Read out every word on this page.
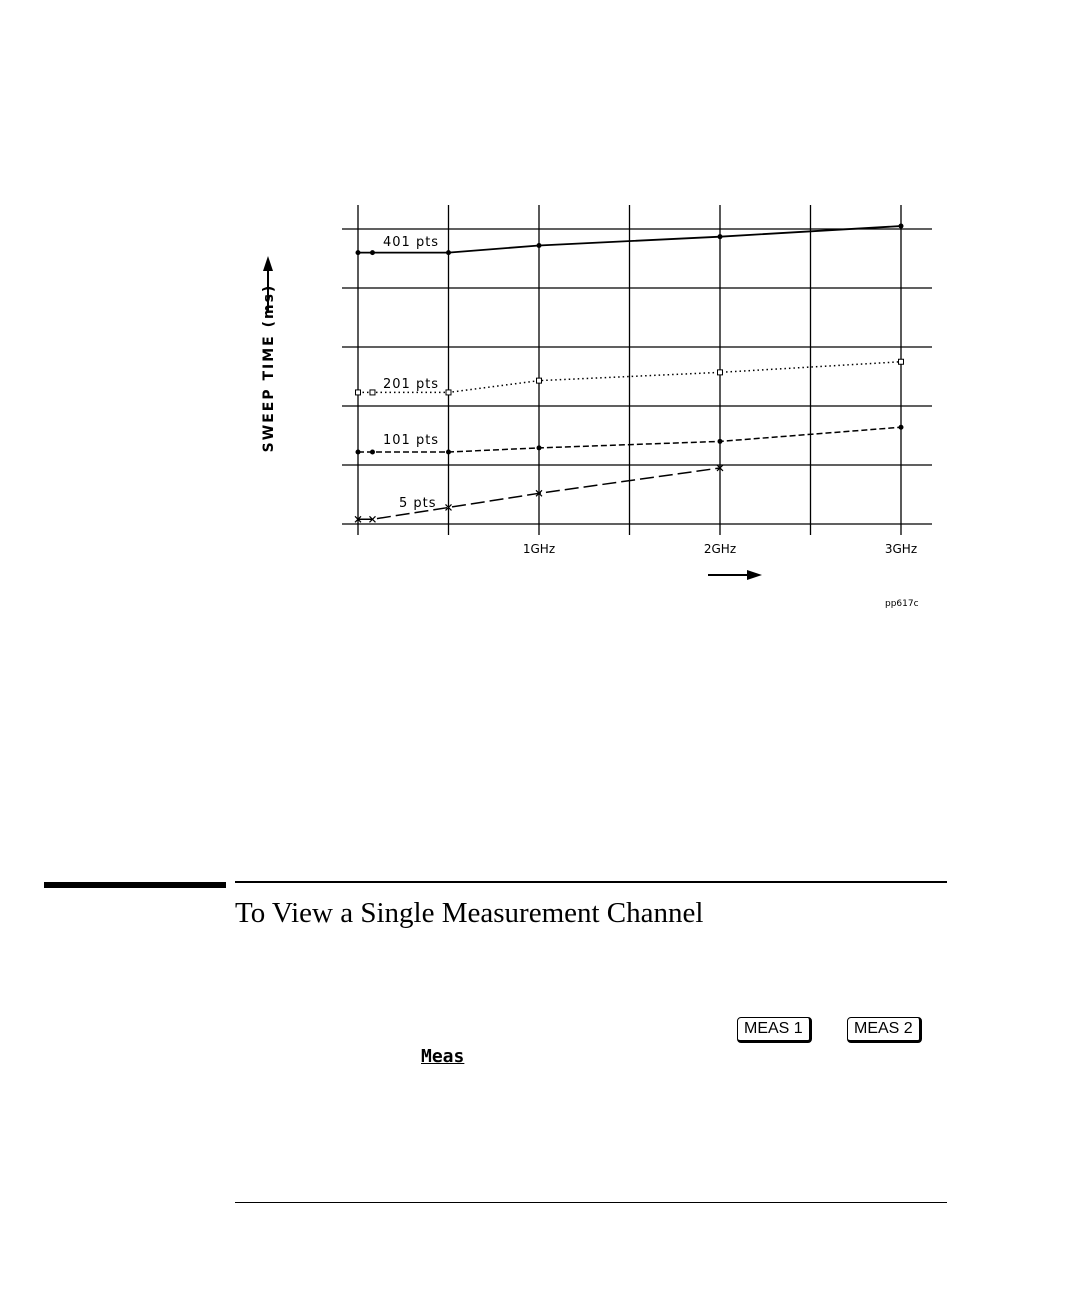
1GHz	2GHz	3GHz
401 pts
201 pts
101 pts
5 pts
SWEEP TIME (ms)
pp617c
To View a Single Measurement Channel
MEAS 1	MEAS 2
Meas
